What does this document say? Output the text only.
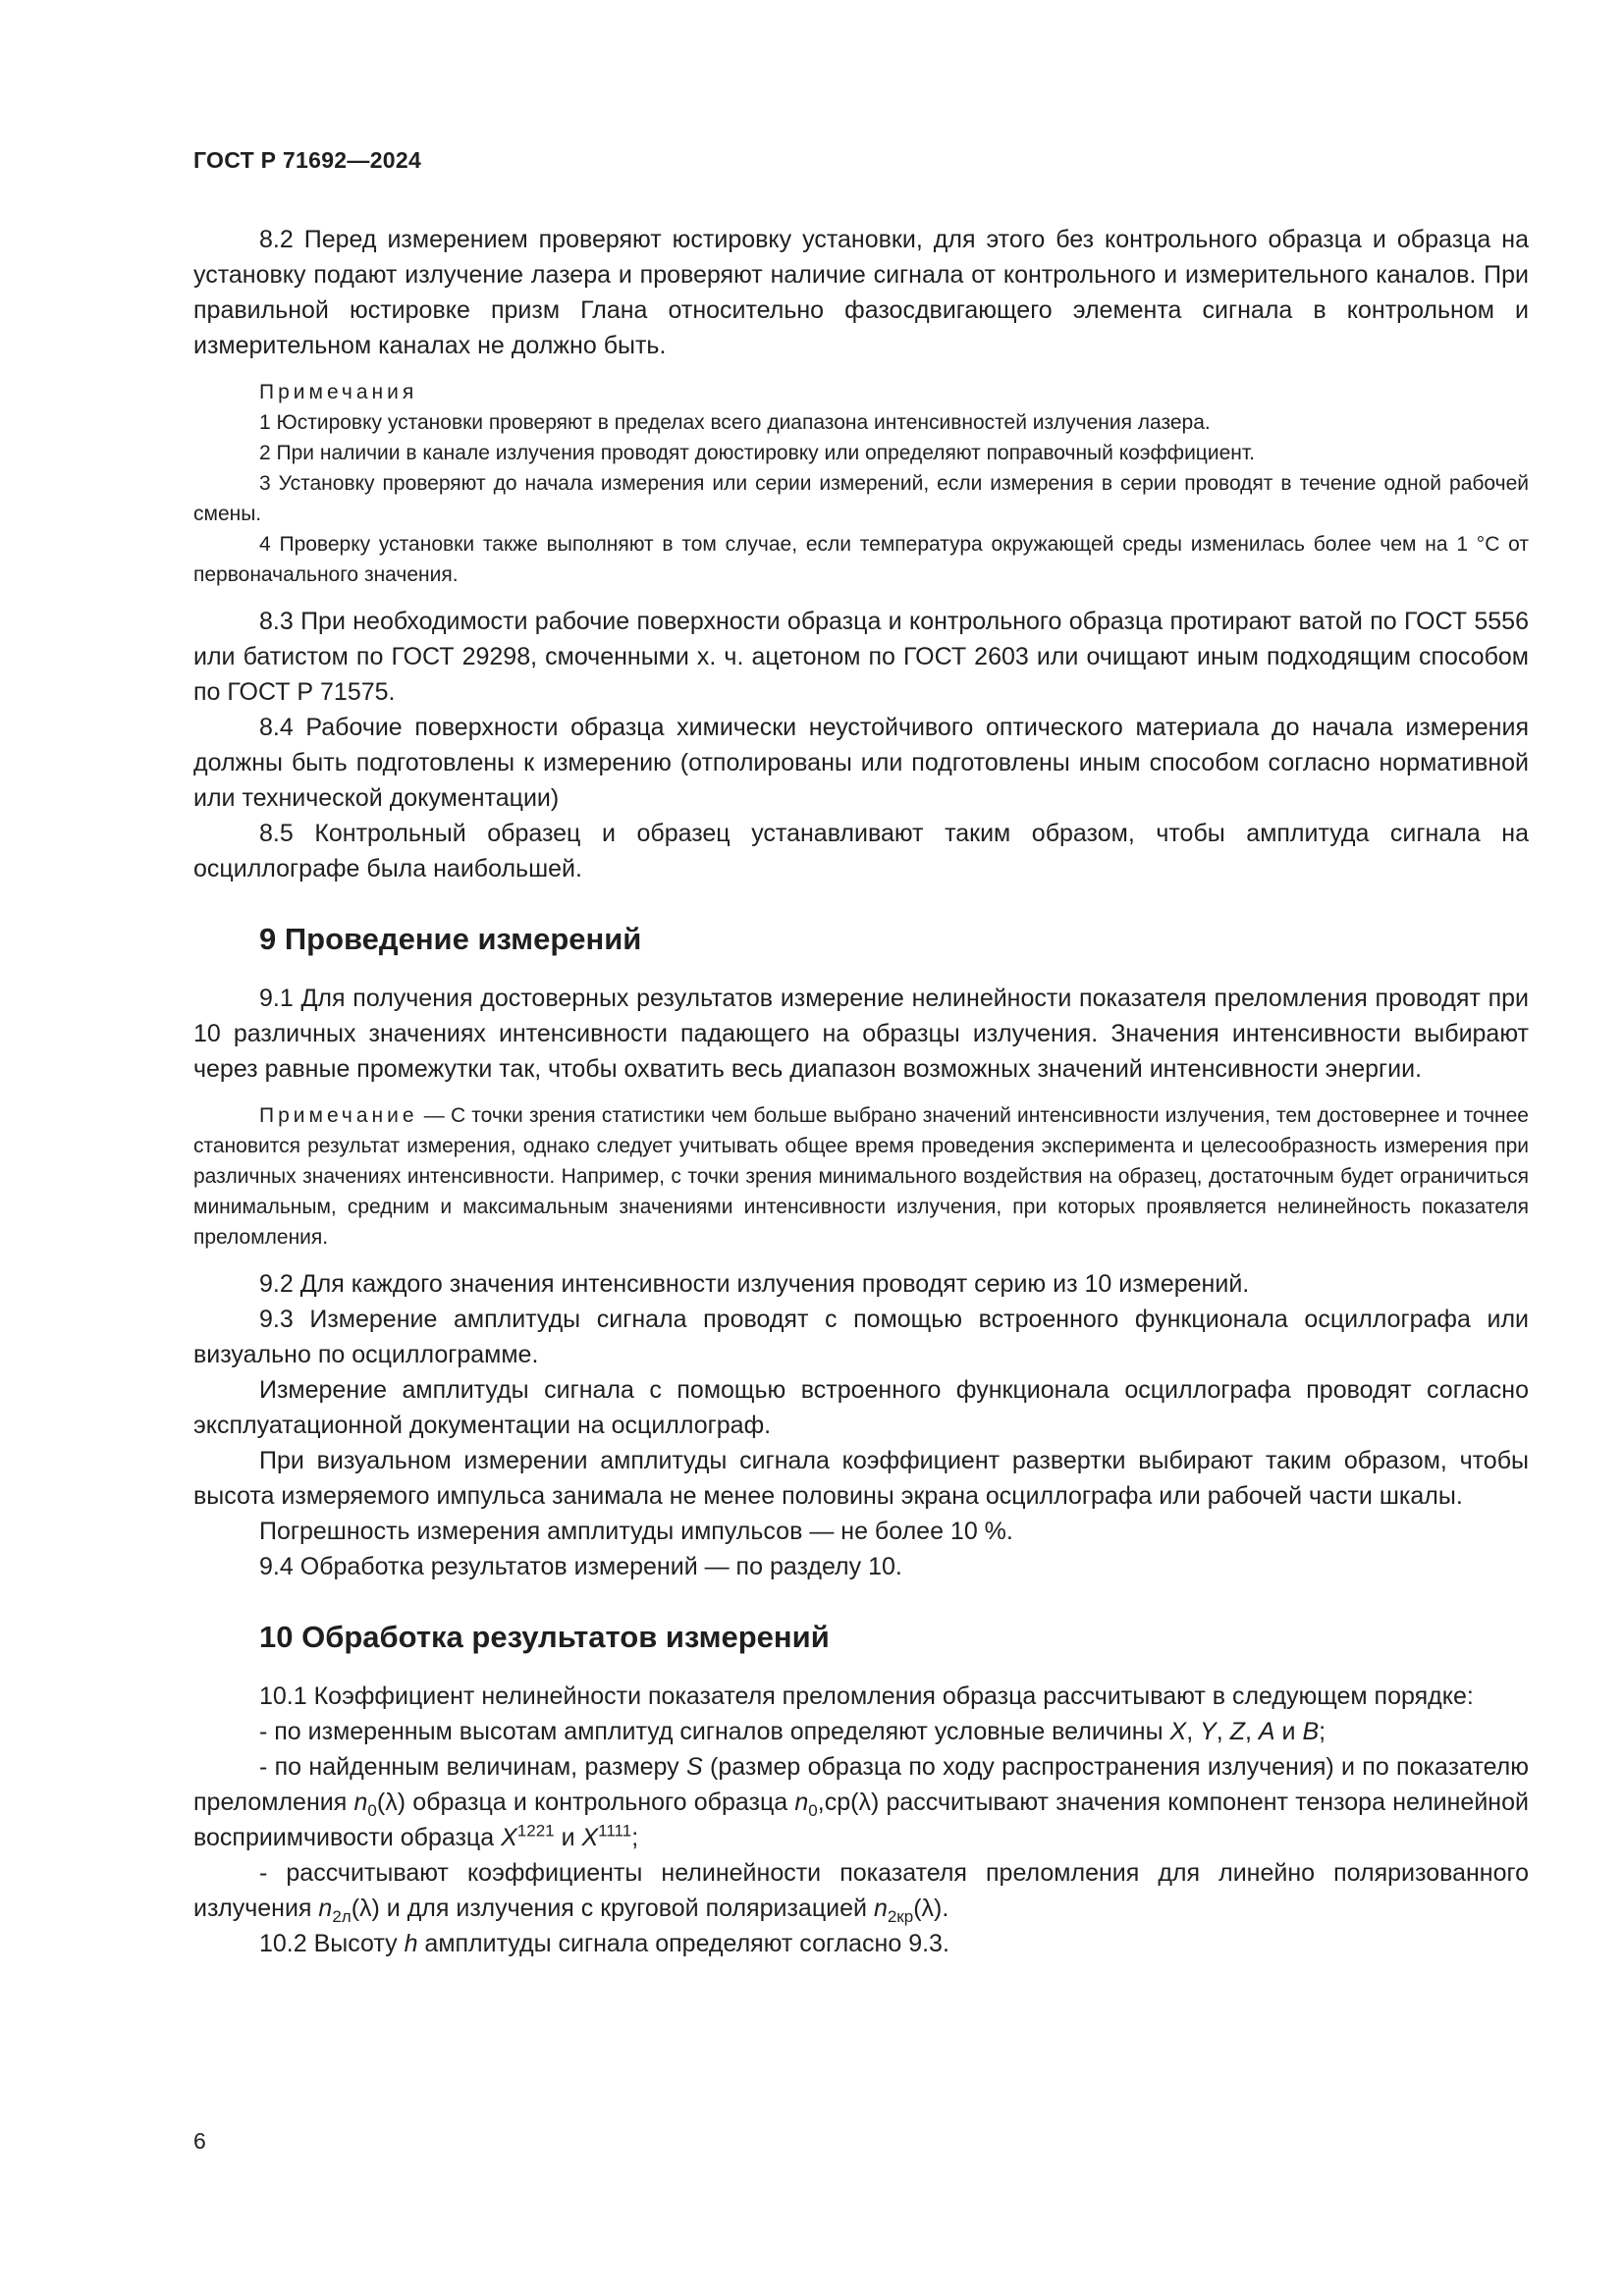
ГОСТ Р 71692—2024

8.2 Перед измерением проверяют юстировку установки, для этого без контрольного образца и образца на установку подают излучение лазера и проверяют наличие сигнала от контрольного и измерительного каналов. При правильной юстировке призм Глана относительно фазосдвигающего элемента сигнала в контрольном и измерительном каналах не должно быть.

Примечания

1 Юстировку установки проверяют в пределах всего диапазона интенсивностей излучения лазера.

2 При наличии в канале излучения проводят доюстировку или определяют поправочный коэффициент.

3 Установку проверяют до начала измерения или серии измерений, если измерения в серии проводят в течение одной рабочей смены.

4 Проверку установки также выполняют в том случае, если температура окружающей среды изменилась более чем на 1 °С от первоначального значения.

8.3 При необходимости рабочие поверхности образца и контрольного образца протирают ватой по ГОСТ 5556 или батистом по ГОСТ 29298, смоченными х. ч. ацетоном по ГОСТ 2603 или очищают иным подходящим способом по ГОСТ Р 71575.

8.4 Рабочие поверхности образца химически неустойчивого оптического материала до начала измерения должны быть подготовлены к измерению (отполированы или подготовлены иным способом согласно нормативной или технической документации)

8.5 Контрольный образец и образец устанавливают таким образом, чтобы амплитуда сигнала на осциллографе была наибольшей.

9 Проведение измерений

9.1 Для получения достоверных результатов измерение нелинейности показателя преломления проводят при 10 различных значениях интенсивности падающего на образцы излучения. Значения интенсивности выбирают через равные промежутки так, чтобы охватить весь диапазон возможных значений интенсивности энергии.

Примечание — С точки зрения статистики чем больше выбрано значений интенсивности излучения, тем достовернее и точнее становится результат измерения, однако следует учитывать общее время проведения эксперимента и целесообразность измерения при различных значениях интенсивности. Например, с точки зрения минимального воздействия на образец, достаточным будет ограничиться минимальным, средним и максимальным значениями интенсивности излучения, при которых проявляется нелинейность показателя преломления.

9.2 Для каждого значения интенсивности излучения проводят серию из 10 измерений.

9.3 Измерение амплитуды сигнала проводят с помощью встроенного функционала осциллографа или визуально по осциллограмме.

Измерение амплитуды сигнала с помощью встроенного функционала осциллографа проводят согласно эксплуатационной документации на осциллограф.

При визуальном измерении амплитуды сигнала коэффициент развертки выбирают таким образом, чтобы высота измеряемого импульса занимала не менее половины экрана осциллографа или рабочей части шкалы.

Погрешность измерения амплитуды импульсов — не более 10 %.

9.4 Обработка результатов измерений — по разделу 10.

10 Обработка результатов измерений

10.1 Коэффициент нелинейности показателя преломления образца рассчитывают в следующем порядке:

- по измеренным высотам амплитуд сигналов определяют условные величины X, Y, Z, A и B;

- по найденным величинам, размеру S (размер образца по ходу распространения излучения) и по показателю преломления $n_0(\lambda)$ образца и контрольного образца $n_0,ср(\lambda)$ рассчитывают значения компонент тензора нелинейной восприимчивости образца $X^{1221}$ и $X^{1111}$;

- рассчитывают коэффициенты нелинейности показателя преломления для линейно поляризованного излучения $n_{2л}(\lambda)$ и для излучения с круговой поляризацией $n_{2кр}(\lambda)$.

10.2 Высоту h амплитуды сигнала определяют согласно 9.3.

6
